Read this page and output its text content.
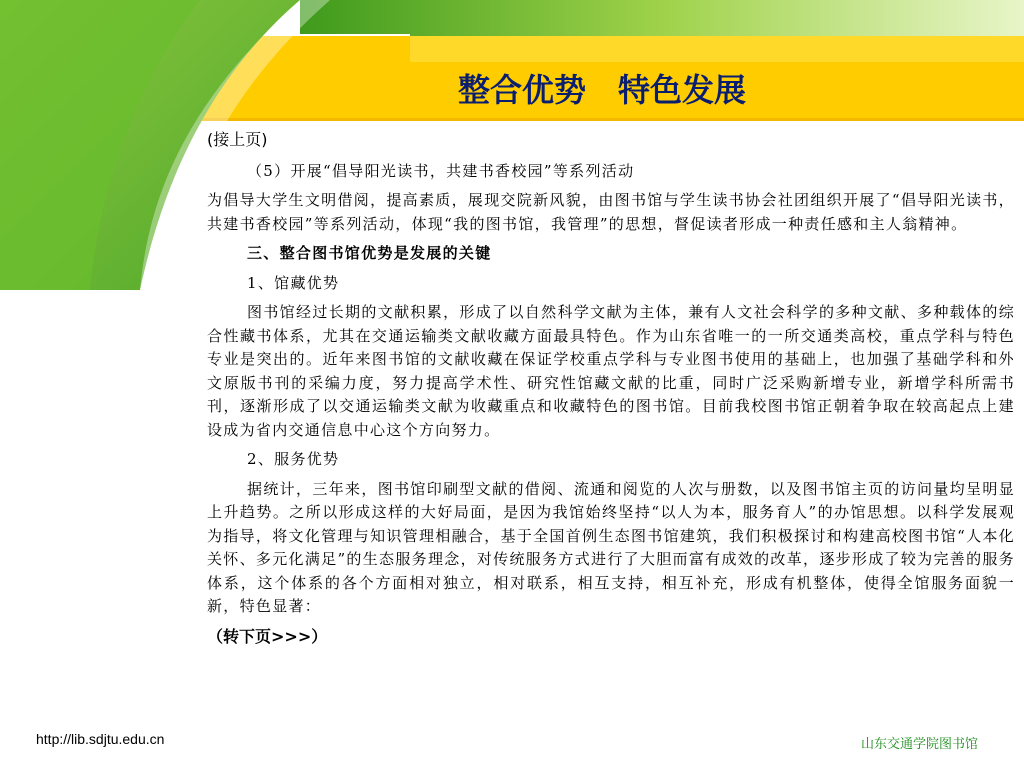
整合优势　特色发展

(接上页)

（5）开展“倡导阳光读书，共建书香校园”等系列活动

为倡导大学生文明借阅，提高素质，展现交院新风貌，由图书馆与学生读书协会社团组织开展了“倡导阳光读书，共建书香校园”等系列活动，体现“我的图书馆，我管理”的思想，督促读者形成一种责任感和主人翁精神。

三、整合图书馆优势是发展的关键

1、馆藏优势

图书馆经过长期的文献积累，形成了以自然科学文献为主体，兼有人文社会科学的多种文献、多种载体的综合性藏书体系，尤其在交通运输类文献收藏方面最具特色。作为山东省唯一的一所交通类高校，重点学科与特色专业是突出的。近年来图书馆的文献收藏在保证学校重点学科与专业图书使用的基础上，也加强了基础学科和外文原版书刊的采编力度，努力提高学术性、研究性馆藏文献的比重，同时广泛采购新增专业，新增学科所需书刊，逐渐形成了以交通运输类文献为收藏重点和收藏特色的图书馆。目前我校图书馆正朝着争取在较高起点上建设成为省内交通信息中心这个方向努力。

2、服务优势

据统计，三年来，图书馆印刷型文献的借阅、流通和阅览的人次与册数，以及图书馆主页的访问量均呈明显上升趋势。之所以形成这样的大好局面，是因为我馆始终坚持“以人为本，服务育人”的办馆思想。以科学发展观为指导，将文化管理与知识管理相融合，基于全国首例生态图书馆建筑，我们积极探讨和构建高校图书馆“人本化关怀、多元化满足”的生态服务理念，对传统服务方式进行了大胆而富有成效的改革，逐步形成了较为完善的服务体系，这个体系的各个方面相对独立，相对联系，相互支持，相互补充，形成有机整体，使得全馆服务面貌一新，特色显著：

（转下页>>>）

http://lib.sdjtu.edu.cn	山东交通学院图书馆
